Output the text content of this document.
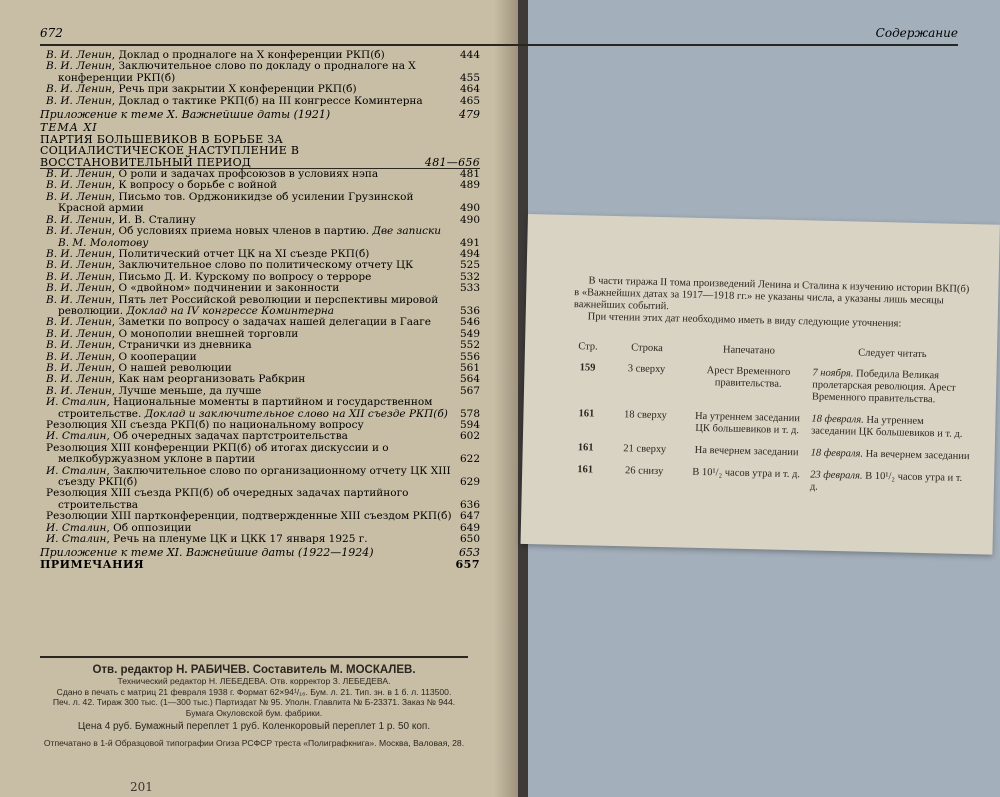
672	Содержание
В. И. Ленин, Доклад о продналоге на X конференции РКП(б)	444
В. И. Ленин, Заключительное слово по докладу о продналоге на X конференции РКП(б)	455
В. И. Ленин, Речь при закрытии X конференции РКП(б)	464
В. И. Ленин, Доклад о тактике РКП(б) на III конгрессе Коминтерна	465
Приложение к теме X. Важнейшие даты (1921)	479
ТЕМА XI
ПАРТИЯ БОЛЬШЕВИКОВ В БОРЬБЕ ЗА СОЦИАЛИСТИЧЕСКОЕ НАСТУПЛЕНИЕ В ВОССТАНОВИТЕЛЬНЫЙ ПЕРИОД	481—656
В. И. Ленин, О роли и задачах профсоюзов в условиях нэпа	481
В. И. Ленин, К вопросу о борьбе с войной	489
В. И. Ленин, Письмо тов. Орджоникидзе об усилении Грузинской Красной армии	490
В. И. Ленин, И. В. Сталину	490
В. И. Ленин, Об условиях приема новых членов в партию. Две записки В. М. Молотову	491
В. И. Ленин, Политический отчет ЦК на XI съезде РКП(б)	494
В. И. Ленин, Заключительное слово по политическому отчету ЦК	525
В. И. Ленин, Письмо Д. И. Курскому по вопросу о терроре	532
В. И. Ленин, О «двойном» подчинении и законности	533
В. И. Ленин, Пять лет Российской революции и перспективы мировой революции. Доклад на IV конгрессе Коминтерна	536
В. И. Ленин, Заметки по вопросу о задачах нашей делегации в Гааге	546
В. И. Ленин, О монополии внешней торговли	549
В. И. Ленин, Странички из дневника	552
В. И. Ленин, О кооперации	556
В. И. Ленин, О нашей революции	561
В. И. Ленин, Как нам реорганизовать Рабкрин	564
В. И. Ленин, Лучше меньше, да лучше	567
И. Сталин, Национальные моменты в партийном и государственном строительстве. Доклад и заключительное слово на XII съезде РКП(б)	578
Резолюция XII съезда РКП(б) по национальному вопросу	594
И. Сталин, Об очередных задачах партстроительства	602
Резолюция XIII конференции РКП(б) об итогах дискуссии и о мелкобуржуазном уклоне в партии	622
И. Сталин, Заключительное слово по организационному отчету ЦК XIII съезду РКП(б)	629
Резолюция XIII съезда РКП(б) об очередных задачах партийного строительства	636
Резолюции XIII партконференции, подтвержденные XIII съездом РКП(б) 647
И. Сталин, Об оппозиции	649
И. Сталин, Речь на пленуме ЦК и ЦКК 17 января 1925 г.	650
Приложение к теме XI. Важнейшие даты (1922—1924)	653
ПРИМЕЧАНИЯ	657
Отв. редактор Н. РАБИЧЕВ. Составитель М. МОСКАЛЕВ.
Технический редактор Н. ЛЕБЕДЕВА. Отв. корректор З. ЛЕБЕДЕВА.
Сдано в печать с матриц 21 февраля 1938 г. Формат 62×94¹/₁₆. Бум. л. 21. Тип. зн. в 1 б. л. 113500.
Печ. л. 42. Тираж 300 тыс. (1—300 тыс.) Партиздат № 95. Уполн. Главлита № Б-23371. Заказ № 944.
Бумага Окуловской бум. фабрики.
Цена 4 руб. Бумажный переплет 1 руб. Коленкоровый переплет 1 р. 50 коп.
Отпечатано в 1-й Образцовой типографии Огиза РСФСР треста «Полиграфкнига». Москва, Валовая, 28.
201

В части тиража II тома произведений Ленина и Сталина к изучению истории ВКП(б) в «Важнейших датах за 1917—1918 гг.» не указаны числа, а указаны лишь месяцы важнейших событий.

При чтении этих дат необходимо иметь в виду следующие уточнения:

Стр.	Строка	Напечатано	Следует читать
159	3 сверху	Арест Временного правительства.	7 ноября. Победила Великая пролетарская революция. Арест Временного правительства.
161	18 сверху	На утреннем заседании ЦК большевиков и т. д.	18 февраля. На утреннем заседании ЦК большевиков и т. д.
161	21 сверху	На вечернем заседании	18 февраля. На вечернем заседании
161	26 снизу	В 10¹/₂ часов утра и т. д.	23 февраля. В 10¹/₂ часов утра и т. д.
